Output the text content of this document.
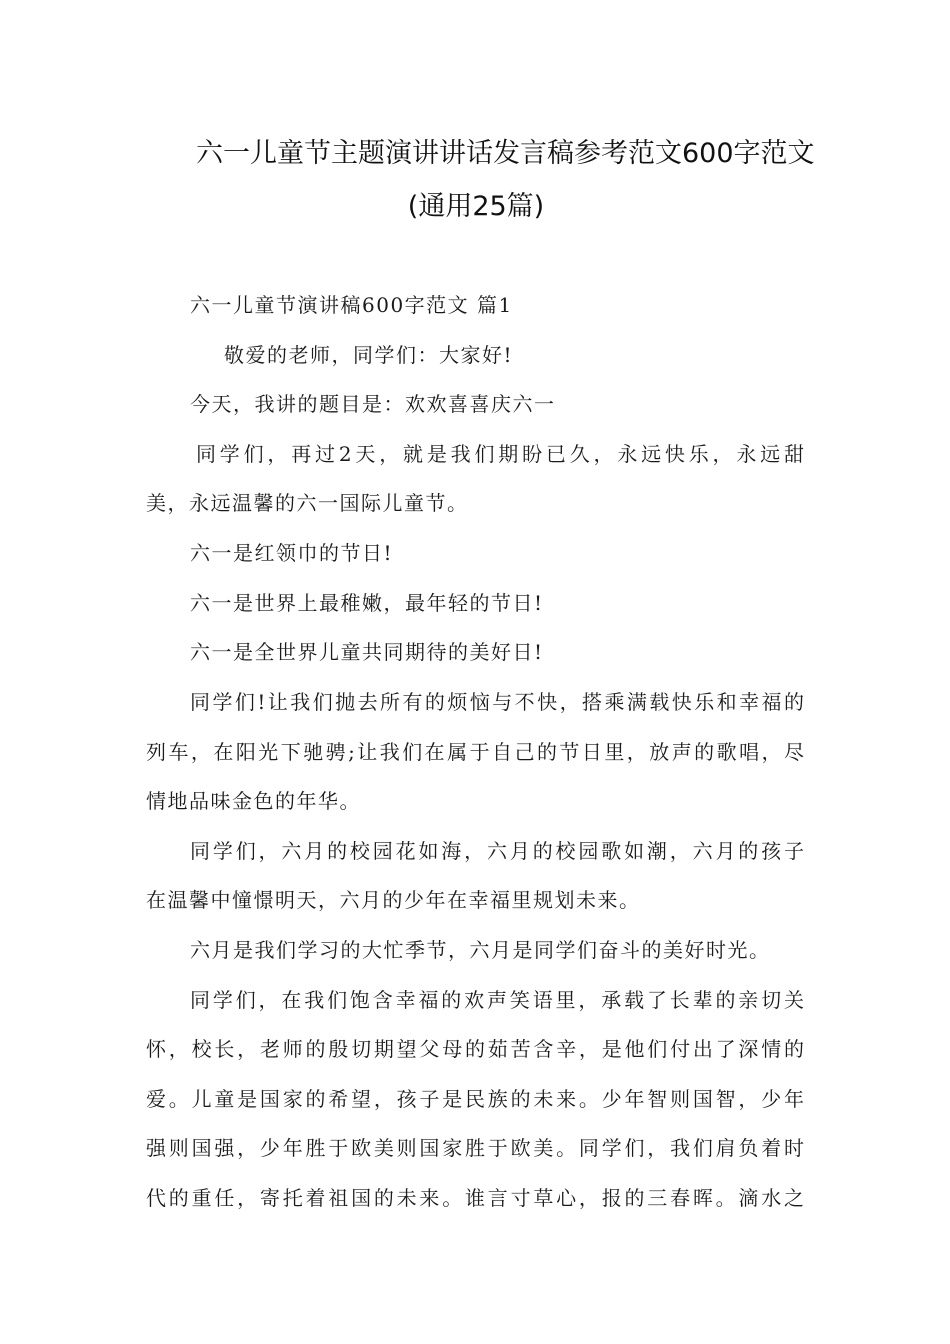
六一儿童节主题演讲讲话发言稿参考范文600字范文
(通用25篇)
六一儿童节演讲稿600字范文 篇1
敬爱的老师，同学们：大家好!
今天，我讲的题目是：欢欢喜喜庆六一
同学们，再过2天，就是我们期盼已久，永远快乐，永远甜
美，永远温馨的六一国际儿童节。
六一是红领巾的节日!
六一是世界上最稚嫩，最年轻的节日!
六一是全世界儿童共同期待的美好日!
同学们!让我们抛去所有的烦恼与不快，搭乘满载快乐和幸福的
列车，在阳光下驰骋;让我们在属于自己的节日里，放声的歌唱，尽
情地品味金色的年华。
同学们，六月的校园花如海，六月的校园歌如潮，六月的孩子
在温馨中憧憬明天，六月的少年在幸福里规划未来。
六月是我们学习的大忙季节，六月是同学们奋斗的美好时光。
同学们，在我们饱含幸福的欢声笑语里，承载了长辈的亲切关
怀，校长，老师的殷切期望父母的茹苦含辛，是他们付出了深情的
爱。儿童是国家的希望，孩子是民族的未来。少年智则国智，少年
强则国强，少年胜于欧美则国家胜于欧美。同学们，我们肩负着时
代的重任，寄托着祖国的未来。谁言寸草心，报的三春晖。滴水之
